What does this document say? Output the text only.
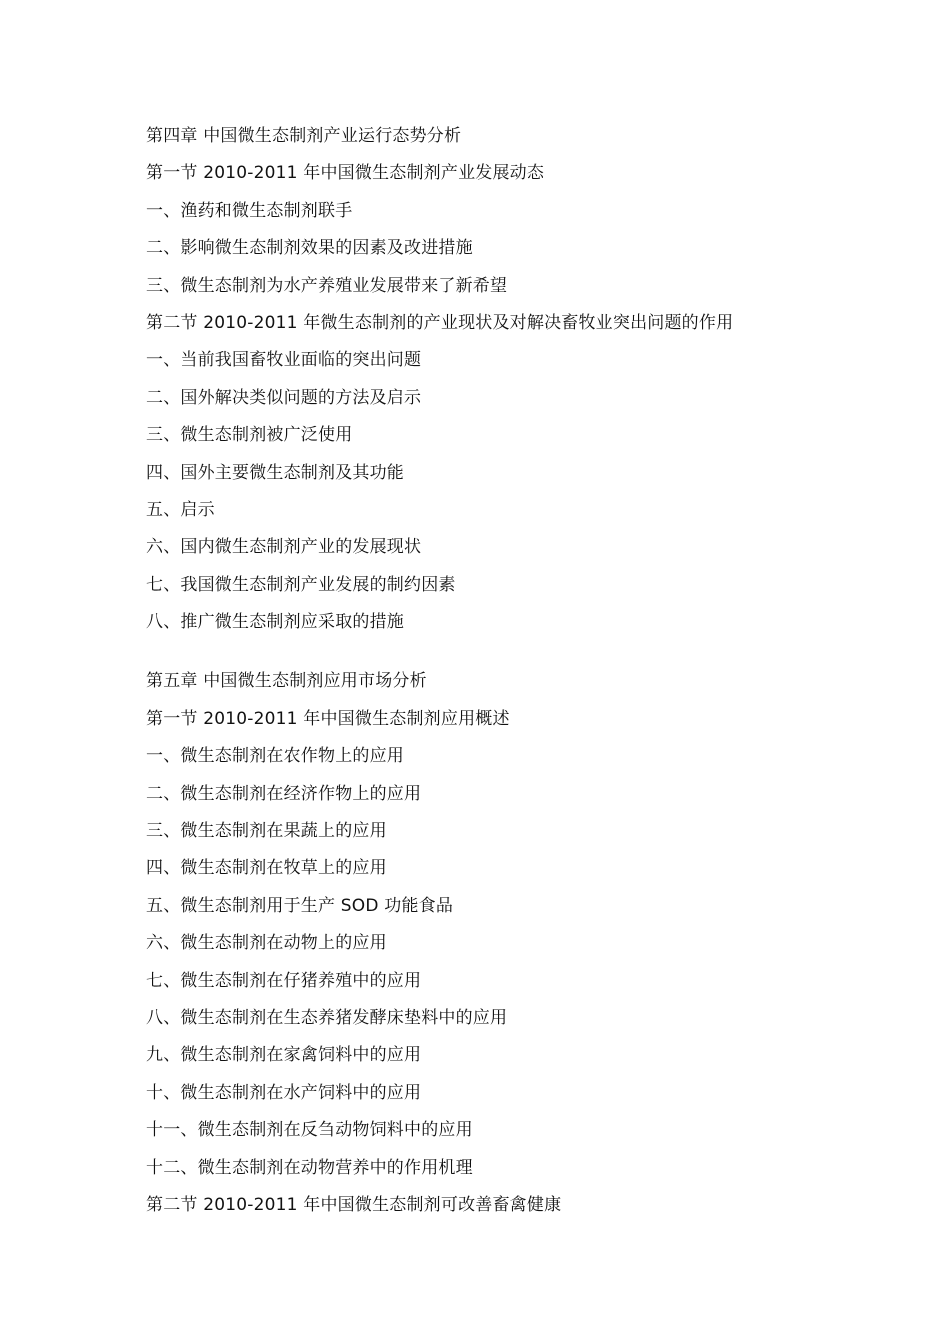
第四章 中国微生态制剂产业运行态势分析
第一节 2010-2011 年中国微生态制剂产业发展动态
一、渔药和微生态制剂联手
二、影响微生态制剂效果的因素及改进措施
三、微生态制剂为水产养殖业发展带来了新希望
第二节 2010-2011 年微生态制剂的产业现状及对解决畜牧业突出问题的作用
一、当前我国畜牧业面临的突出问题
二、国外解决类似问题的方法及启示
三、微生态制剂被广泛使用
四、国外主要微生态制剂及其功能
五、启示
六、国内微生态制剂产业的发展现状
七、我国微生态制剂产业发展的制约因素
八、推广微生态制剂应采取的措施
第五章 中国微生态制剂应用市场分析
第一节 2010-2011 年中国微生态制剂应用概述
一、微生态制剂在农作物上的应用
二、微生态制剂在经济作物上的应用
三、微生态制剂在果蔬上的应用
四、微生态制剂在牧草上的应用
五、微生态制剂用于生产 SOD 功能食品
六、微生态制剂在动物上的应用
七、微生态制剂在仔猪养殖中的应用
八、微生态制剂在生态养猪发酵床垫料中的应用
九、微生态制剂在家禽饲料中的应用
十、微生态制剂在水产饲料中的应用
十一、微生态制剂在反刍动物饲料中的应用
十二、微生态制剂在动物营养中的作用机理
第二节 2010-2011 年中国微生态制剂可改善畜禽健康
